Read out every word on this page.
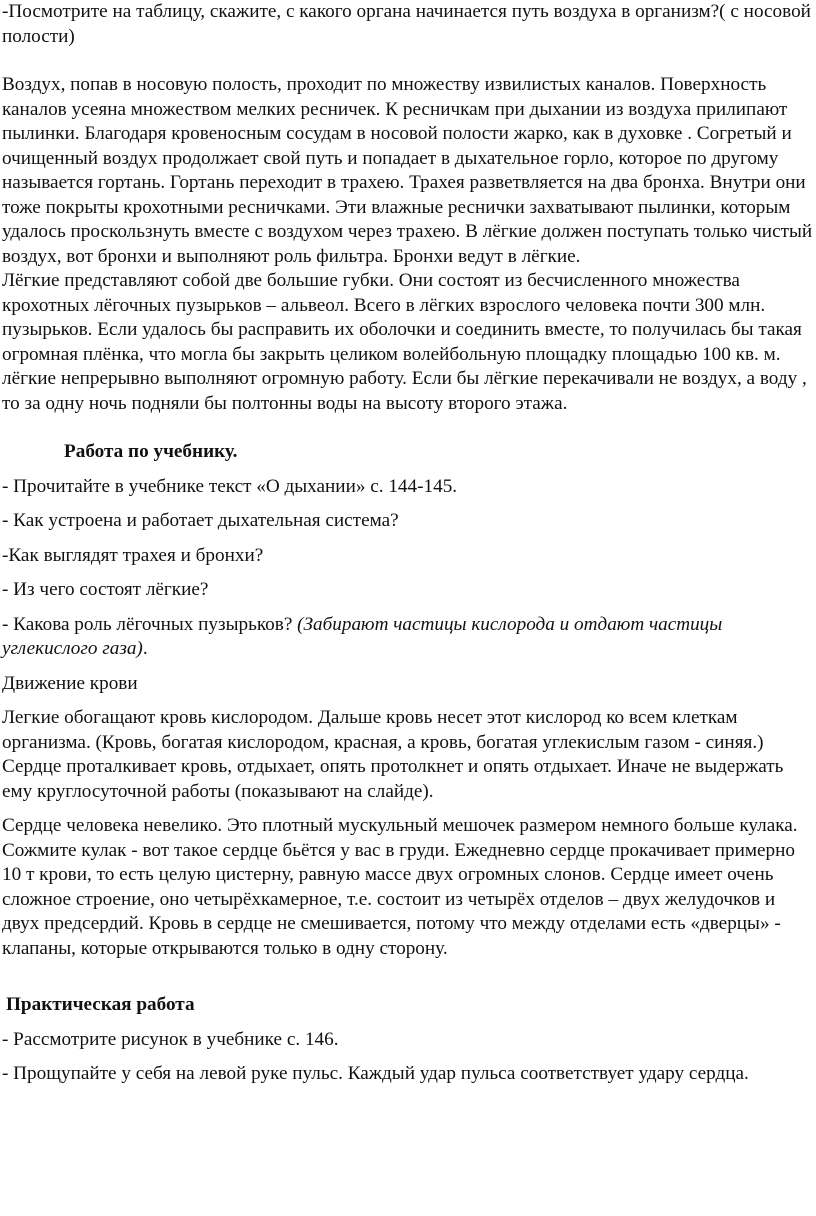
-Посмотрите на таблицу, скажите, с какого органа начинается путь воздуха в организм?( с носовой полости)

Воздух, попав в носовую полость, проходит по множеству извилистых каналов. Поверхность каналов усеяна множеством мелких ресничек. К ресничкам при дыхании из воздуха прилипают пылинки. Благодаря кровеносным сосудам в носовой полости жарко, как в духовке . Согретый и очищенный воздух продолжает свой путь и попадает в дыхательное горло, которое по другому называется гортань. Гортань переходит в трахею. Трахея разветвляется на два бронха. Внутри они тоже покрыты крохотными ресничками. Эти влажные реснички захватывают пылинки, которым удалось проскользнуть вместе с воздухом через трахею. В лёгкие должен поступать только чистый воздух, вот бронхи и выполняют роль фильтра. Бронхи ведут в лёгкие.

Лёгкие представляют собой две большие губки. Они состоят из бесчисленного множества крохотных лёгочных пузырьков – альвеол. Всего в лёгких взрослого человека почти 300 млн. пузырьков. Если удалось бы расправить их оболочки и соединить вместе, то получилась бы такая огромная плёнка, что могла бы закрыть целиком волейбольную площадку площадью 100 кв. м. лёгкие непрерывно выполняют огромную работу. Если бы лёгкие перекачивали не воздух, а воду , то за одну ночь подняли бы полтонны воды на высоту второго этажа.

Работа по учебнику.

- Прочитайте в учебнике текст «О дыхании» с. 144-145.

- Как устроена и работает дыхательная система?

-Как выглядят трахея и бронхи?

- Из чего состоят лёгкие?

- Какова роль лёгочных пузырьков? (Забирают частицы кислорода и отдают частицы углекислого газа).

Движение крови

Легкие обогащают кровь кислородом. Дальше кровь несет этот кислород ко всем клеткам организма. (Кровь, богатая кислородом, красная, а кровь, богатая углекислым газом - синяя.) Сердце проталкивает кровь, отдыхает, опять протолкнет и опять отдыхает. Иначе не выдержать ему круглосуточной работы (показывают на слайде).

Сердце человека невелико. Это плотный мускульный мешочек размером немного больше кулака. Сожмите кулак - вот такое сердце бьётся у вас в груди. Ежедневно сердце прокачивает примерно 10 т крови, то есть целую цистерну, равную массе двух огромных слонов. Сердце имеет очень сложное строение, оно четырёхкамерное, т.е. состоит из четырёх отделов – двух желудочков и двух предсердий. Кровь в сердце не смешивается, потому что между отделами есть «дверцы» - клапаны, которые открываются только в одну сторону.

Практическая работа

- Рассмотрите рисунок в учебнике с. 146.

- Прощупайте у себя на левой руке пульс. Каждый удар пульса соответствует удару сердца.
